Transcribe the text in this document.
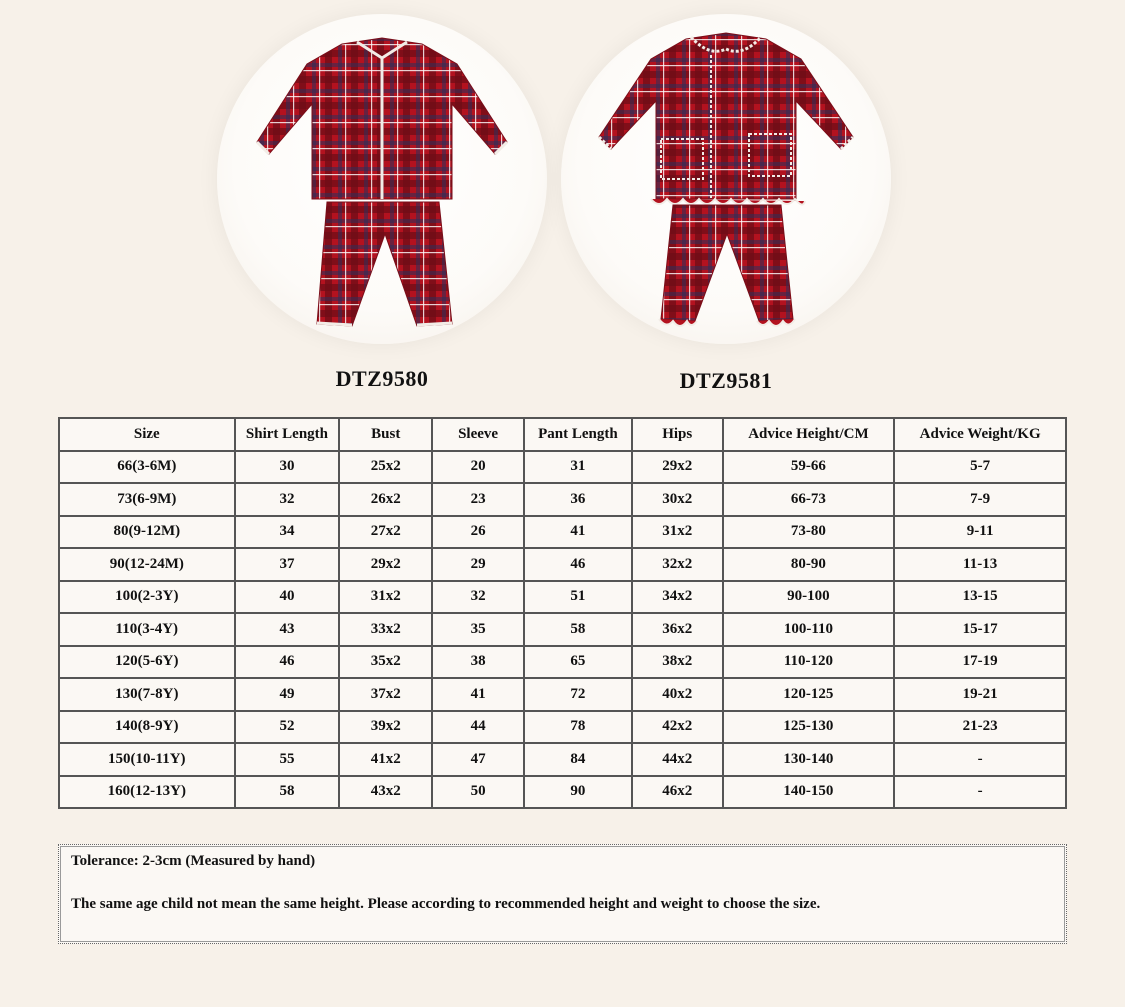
DTZ9580	DTZ9581
Size	Shirt Length	Bust	Sleeve	Pant Length	Hips	Advice Height/CM	Advice Weight/KG
66(3-6M)	30	25x2	20	31	29x2	59-66	5-7
73(6-9M)	32	26x2	23	36	30x2	66-73	7-9
80(9-12M)	34	27x2	26	41	31x2	73-80	9-11
90(12-24M)	37	29x2	29	46	32x2	80-90	11-13
100(2-3Y)	40	31x2	32	51	34x2	90-100	13-15
110(3-4Y)	43	33x2	35	58	36x2	100-110	15-17
120(5-6Y)	46	35x2	38	65	38x2	110-120	17-19
130(7-8Y)	49	37x2	41	72	40x2	120-125	19-21
140(8-9Y)	52	39x2	44	78	42x2	125-130	21-23
150(10-11Y)	55	41x2	47	84	44x2	130-140	-
160(12-13Y)	58	43x2	50	90	46x2	140-150	-

Tolerance: 2-3cm (Measured by hand)

The same age child not mean the same height. Please according to recommended height and weight to choose the size.
